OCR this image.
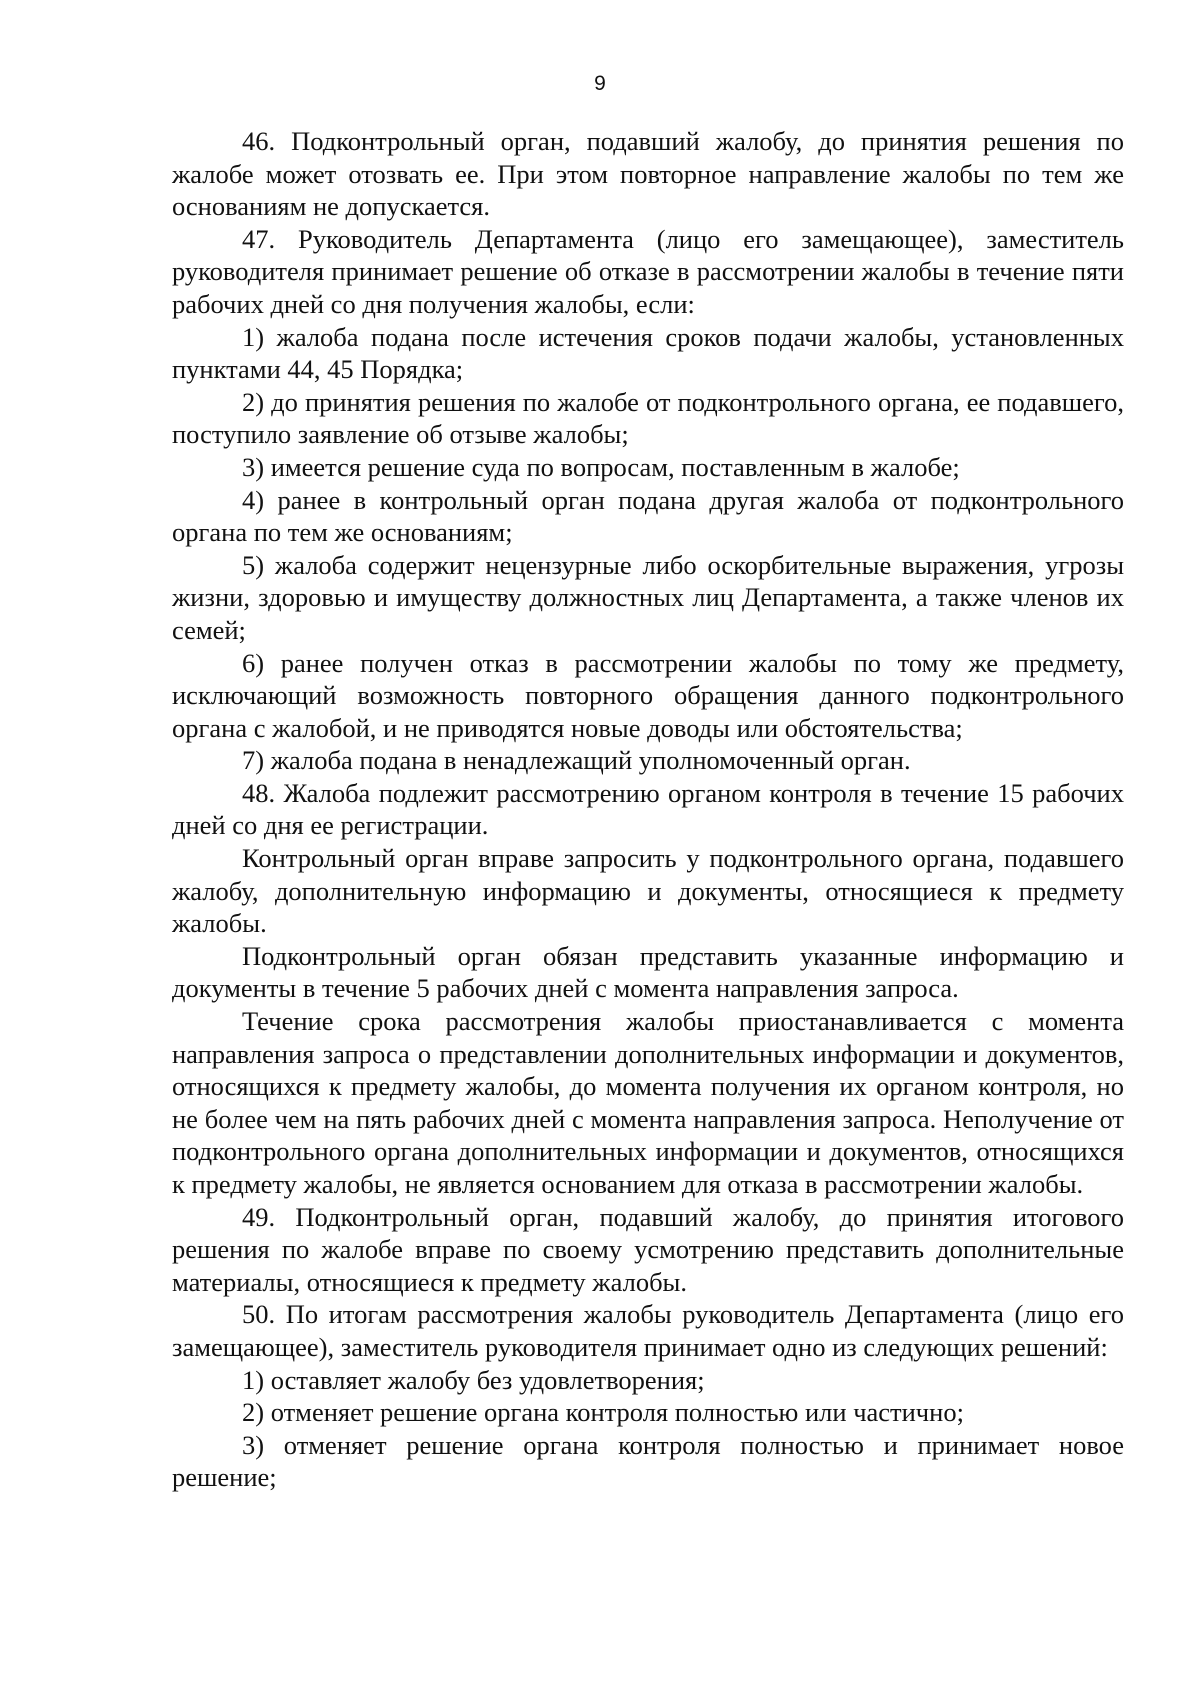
9

46. Подконтрольный орган, подавший жалобу, до принятия решения по жалобе может отозвать ее. При этом повторное направление жалобы по тем же основаниям не допускается.

47. Руководитель Департамента (лицо его замещающее), заместитель руководителя принимает решение об отказе в рассмотрении жалобы в течение пяти рабочих дней со дня получения жалобы, если:

1) жалоба подана после истечения сроков подачи жалобы, установленных пунктами 44, 45 Порядка;

2) до принятия решения по жалобе от подконтрольного органа, ее подавшего, поступило заявление об отзыве жалобы;

3) имеется решение суда по вопросам, поставленным в жалобе;

4) ранее в контрольный орган подана другая жалоба от подконтрольного органа по тем же основаниям;

5) жалоба содержит нецензурные либо оскорбительные выражения, угрозы жизни, здоровью и имуществу должностных лиц Департамента, а также членов их семей;

6) ранее получен отказ в рассмотрении жалобы по тому же предмету, исключающий возможность повторного обращения данного подконтрольного органа с жалобой, и не приводятся новые доводы или обстоятельства;

7) жалоба подана в ненадлежащий уполномоченный орган.

48. Жалоба подлежит рассмотрению органом контроля в течение 15 рабочих дней со дня ее регистрации.

Контрольный орган вправе запросить у подконтрольного органа, подавшего жалобу, дополнительную информацию и документы, относящиеся к предмету жалобы.

Подконтрольный орган обязан представить указанные информацию и документы в течение 5 рабочих дней с момента направления запроса.

Течение срока рассмотрения жалобы приостанавливается с момента направления запроса о представлении дополнительных информации и документов, относящихся к предмету жалобы, до момента получения их органом контроля, но не более чем на пять рабочих дней с момента направления запроса. Неполучение от подконтрольного органа дополнительных информации и документов, относящихся к предмету жалобы, не является основанием для отказа в рассмотрении жалобы.

49. Подконтрольный орган, подавший жалобу, до принятия итогового решения по жалобе вправе по своему усмотрению представить дополнительные материалы, относящиеся к предмету жалобы.

50. По итогам рассмотрения жалобы руководитель Департамента (лицо его замещающее), заместитель руководителя принимает одно из следующих решений:

1) оставляет жалобу без удовлетворения;

2) отменяет решение органа контроля полностью или частично;

3) отменяет решение органа контроля полностью и принимает новое решение;
